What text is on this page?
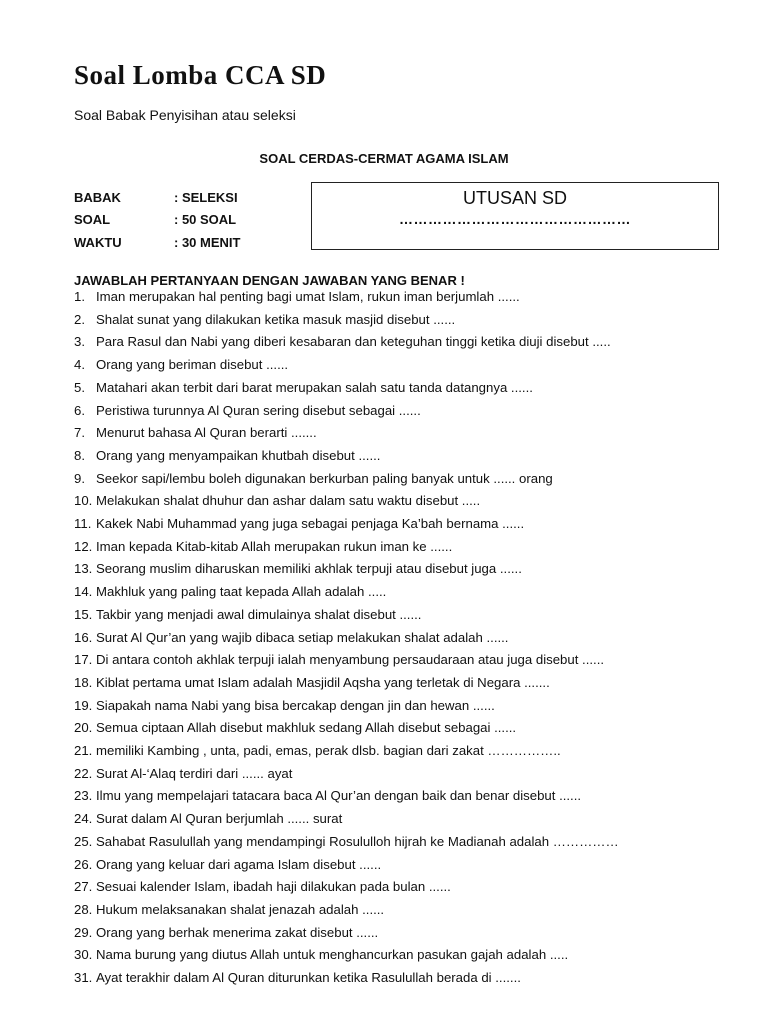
Soal Lomba CCA SD
Soal Babak Penyisihan atau seleksi
SOAL CERDAS-CERMAT AGAMA ISLAM
BABAK	: SELEKSI
SOAL	: 50 SOAL
WAKTU	: 30 MENIT
UTUSAN SD
…………………………………………
JAWABLAH PERTANYAAN DENGAN JAWABAN YANG BENAR !
1. Iman merupakan hal penting bagi umat Islam, rukun iman berjumlah ......
2. Shalat sunat yang dilakukan ketika masuk masjid disebut ......
3. Para Rasul dan Nabi yang diberi kesabaran dan keteguhan tinggi ketika diuji disebut .....
4. Orang yang beriman disebut ......
5. Matahari akan terbit dari barat merupakan salah satu tanda datangnya ......
6. Peristiwa turunnya Al Quran sering disebut sebagai ......
7. Menurut bahasa Al Quran berarti .......
8. Orang yang menyampaikan khutbah disebut ......
9. Seekor sapi/lembu boleh digunakan berkurban paling banyak untuk ...... orang
10. Melakukan shalat dhuhur dan ashar dalam satu waktu disebut .....
11. Kakek Nabi Muhammad yang juga sebagai penjaga Ka’bah bernama ......
12. Iman kepada Kitab-kitab Allah merupakan rukun iman ke ......
13. Seorang muslim diharuskan memiliki akhlak terpuji atau disebut juga ......
14. Makhluk yang paling taat kepada Allah adalah .....
15. Takbir yang menjadi awal dimulainya shalat disebut ......
16. Surat Al Qur’an yang wajib dibaca setiap melakukan shalat adalah ......
17. Di antara contoh akhlak terpuji ialah menyambung persaudaraan atau juga disebut ......
18. Kiblat pertama umat Islam adalah Masjidil Aqsha yang terletak di Negara .......
19. Siapakah nama Nabi yang bisa bercakap dengan jin dan hewan ......
20. Semua ciptaan Allah disebut makhluk sedang Allah disebut sebagai ......
21. memiliki Kambing , unta, padi, emas, perak dlsb. bagian dari zakat ……………..
22. Surat Al-‘Alaq terdiri dari ...... ayat
23. Ilmu yang mempelajari tatacara baca Al Qur’an dengan baik dan benar disebut ......
24. Surat dalam Al Quran berjumlah ...... surat
25. Sahabat Rasulullah yang mendampingi Rosululloh hijrah ke Madianah adalah ……………
26. Orang yang keluar dari agama Islam disebut ......
27. Sesuai kalender Islam, ibadah haji dilakukan pada bulan ......
28. Hukum melaksanakan shalat jenazah adalah ......
29. Orang yang berhak menerima zakat disebut ......
30. Nama burung yang diutus Allah untuk menghancurkan pasukan gajah adalah .....
31. Ayat terakhir dalam Al Quran diturunkan ketika Rasulullah berada di .......
